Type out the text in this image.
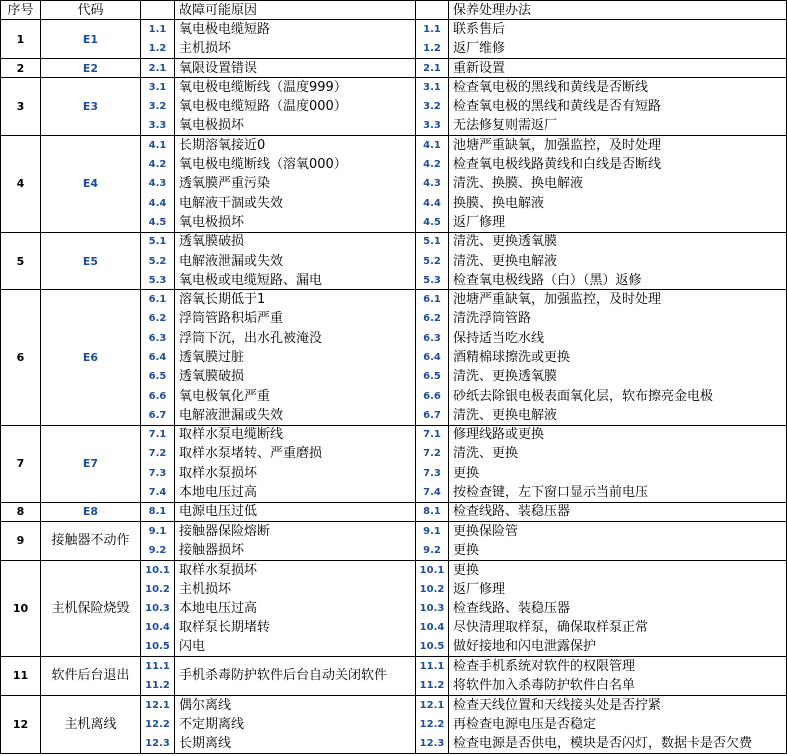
序号	代码		故障可能原因		保养处理办法
1	E1	1.1	氧电极电缆短路	1.1	联系售后
		1.2	主机损坏	1.2	返厂维修
2	E2	2.1	氧限设置错误	2.1	重新设置
3	E3	3.1	氧电极电缆断线（温度999）	3.1	检查氧电极的黑线和黄线是否断线
		3.2	氧电极电缆短路（温度000）	3.2	检查氧电极的黑线和黄线是否有短路
		3.3	氧电极损坏	3.3	无法修复则需返厂
4	E4	4.1	长期溶氧接近0	4.1	池塘严重缺氧，加强监控，及时处理
		4.2	氧电极电缆断线（溶氧000）	4.2	检查氧电极线路黄线和白线是否断线
		4.3	透氧膜严重污染	4.3	清洗、换膜、换电解液
		4.4	电解液干涸或失效	4.4	换膜、换电解液
		4.5	氧电极损坏	4.5	返厂修理
5	E5	5.1	透氧膜破损	5.1	清洗、更换透氧膜
		5.2	电解液泄漏或失效	5.2	清洗、更换电解液
		5.3	氧电极或电缆短路、漏电	5.3	检查氧电极线路（白）（黑）返修
6	E6	6.1	溶氧长期低于1	6.1	池塘严重缺氧，加强监控，及时处理
		6.2	浮筒管路积垢严重	6.2	清洗浮筒管路
		6.3	浮筒下沉，出水孔被淹没	6.3	保持适当吃水线
		6.4	透氧膜过脏	6.4	酒精棉球擦洗或更换
		6.5	透氧膜破损	6.5	清洗、更换透氧膜
		6.6	氧电极氧化严重	6.6	砂纸去除银电极表面氧化层，软布擦亮金电极
		6.7	电解液泄漏或失效	6.7	清洗、更换电解液
7	E7	7.1	取样水泵电缆断线	7.1	修理线路或更换
		7.2	取样水泵堵转、严重磨损	7.2	清洗、更换
		7.3	取样水泵损坏	7.3	更换
		7.4	本地电压过高	7.4	按检查键，左下窗口显示当前电压
8	E8	8.1	电源电压过低	8.1	检查线路、装稳压器
9	接触器不动作	9.1	接触器保险熔断	9.1	更换保险管
		9.2	接触器损坏	9.2	更换
10	主机保险烧毁	10.1	取样水泵损坏	10.1	更换
		10.2	主机损坏	10.2	返厂修理
		10.3	本地电压过高	10.3	检查线路、装稳压器
		10.4	取样泵长期堵转	10.4	尽快清理取样泵，确保取样泵正常
		10.5	闪电	10.5	做好接地和闪电泄露保护
11	软件后台退出	11.1	手机杀毒防护软件后台自动关闭软件	11.1	检查手机系统对软件的权限管理
		11.2		11.2	将软件加入杀毒防护软件白名单
12	主机离线	12.1	偶尔离线	12.1	检查天线位置和天线接头处是否拧紧
		12.2	不定期离线	12.2	再检查电源电压是否稳定
		12.3	长期离线	12.3	检查电源是否供电，模块是否闪灯，数据卡是否欠费
